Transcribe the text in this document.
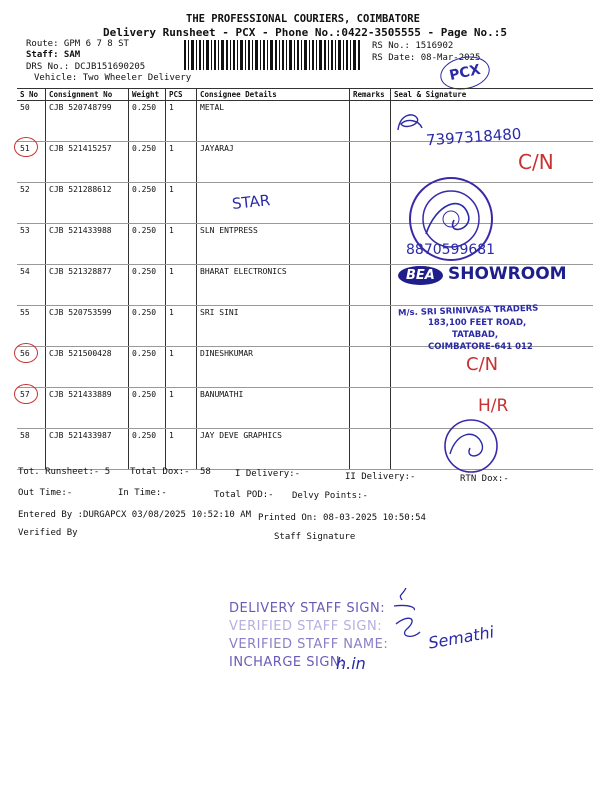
THE PROFESSIONAL COURIERS, COIMBATORE
Delivery Runsheet - PCX - Phone No.:0422-3505555 - Page No.:5
Route: GPM 6 7 8 ST
Staff: SAM
DRS No.: DCJB151690205
Vehicle: Two Wheeler Delivery
RS No.: 1516902
RS Date: 08-Mar-2025
PCX
S No	Consignment No	Weight	PCS	Consignee Details	Remarks	Seal & Signature
50	CJB 520748799	0.250	1	METAL		
51	CJB 521415257	0.250	1	JAYARAJ		
52	CJB 521288612	0.250	1			
53	CJB 521433988	0.250	1	SLN ENTPRESS		
54	CJB 521328877	0.250	1	BHARAT ELECTRONICS		
55	CJB 520753599	0.250	1	SRI SINI		
56	CJB 521500428	0.250	1	DINESHKUMAR		
57	CJB 521433889	0.250	1	BANUMATHI		
58	CJB 521433987	0.250	1	JAY DEVE GRAPHICS		
7397318480
C/N
STAR
8870599681
BEA SHOWROOM
M/s. SRI SRINIVASA TRADERS
183,100 FEET ROAD,
TATABAD,
COIMBATORE-641 012
C/N
H/R
Tot. Runsheet:- 5 Total Dox:- 58	I Delivery:-	II Delivery:-	RTN Dox:-
Out Time:-	In Time:-	Total POD:- Delvy Points:-
Entered By :DURGAPCX 03/08/2025 10:52:10 AM Printed On: 08-03-2025 10:50:54
Verified By	Staff Signature
DELIVERY STAFF SIGN:
VERIFIED STAFF SIGN:
VERIFIED STAFF NAME:
INCHARGE SIGN:
Semathi
h.in
